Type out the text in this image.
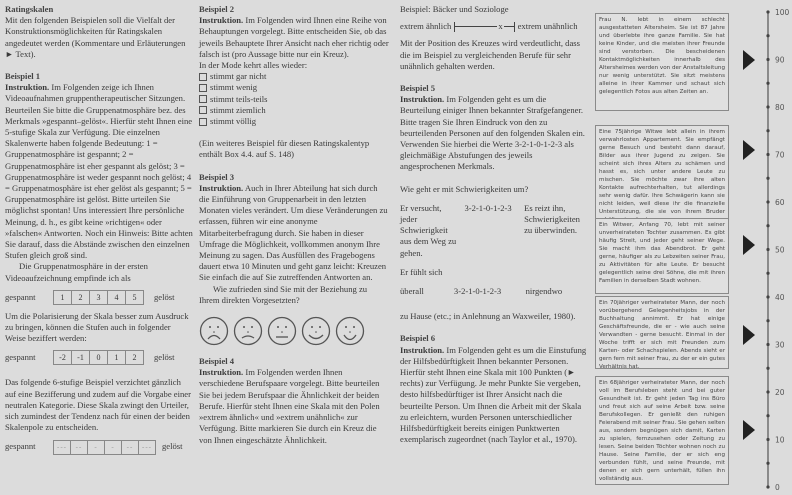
Ratingskalen

Mit den folgenden Beispielen soll die Vielfalt der Konstruktionsmöglichkeiten für Ratingskalen angedeutet werden (Kommentare und Erläuterungen ► Text).

Beispiel 1

Instruktion. Im Folgenden zeige ich Ihnen Videoaufnahmen gruppentherapeutischer Sitzungen. Beurteilen Sie bitte die Gruppenatmosphäre bez. des Merkmals »gespannt–gelöst«. Hierfür steht Ihnen eine 5-stufige Skala zur Verfügung. Die einzelnen Skalenwerte haben folgende Bedeutung: 1 = Gruppenatmosphäre ist gespannt; 2 = Gruppenatmosphäre ist eher gespannt als gelöst; 3 = Gruppenatmosphäre ist weder gespannt noch gelöst; 4 = Gruppenatmosphäre ist eher gelöst als gespannt; 5 = Gruppenatmosphäre ist gelöst. Bitte urteilen Sie möglichst spontan! Uns interessiert Ihre persönliche Meinung, d. h., es gibt keine »richtigen« oder »falschen« Antworten. Noch ein Hinweis: Bitte achten Sie darauf, dass die Abstände zwischen den einzelnen Stufen gleich groß sind.

Die Gruppenatmosphäre in der ersten Videoaufzeichnung empfinde ich als

gespannt	1	2	3	4	5	gelöst

Um die Polarisierung der Skala besser zum Ausdruck zu bringen, können die Stufen auch in folgender Weise beziffert werden:

gespannt	-2	-1	0	1	2	gelöst

Das folgende 6-stufige Beispiel verzichtet gänzlich auf eine Bezifferung und zudem auf die Vorgabe einer neutralen Kategorie. Diese Skala zwingt den Urteiler, sich zumindest der Tendenz nach für einen der beiden Skalenpole zu entscheiden.

gespannt	---	--	-	-	--	---	gelöst

Beispiel 2

Instruktion. Im Folgenden wird Ihnen eine Reihe von Behauptungen vorgelegt. Bitte entscheiden Sie, ob das jeweils Behauptete Ihrer Ansicht nach eher richtig oder falsch ist (pro Aussage bitte nur ein Kreuz).

In der Mode kehrt alles wieder:

stimmt gar nicht
stimmt wenig
stimmt teils-teils
stimmt ziemlich
stimmt völlig

(Ein weiteres Beispiel für diesen Ratingskalentyp enthält Box 4.4. auf S. 148)

Beispiel 3

Instruktion. Auch in Ihrer Abteilung hat sich durch die Einführung von Gruppenarbeit in den letzten Monaten vieles verändert. Um diese Veränderungen zu erfassen, führen wir eine anonyme Mitarbeiterbefragung durch. Sie haben in dieser Umfrage die Möglichkeit, vollkommen anonym Ihre Meinung zu sagen. Das Ausfüllen des Fragebogens dauert etwa 10 Minuten und geht ganz leicht: Kreuzen Sie einfach die auf Sie zutreffenden Antworten an.

Wie zufrieden sind Sie mit der Beziehung zu Ihrem direkten Vorgesetzten?

Beispiel 4

Instruktion. Im Folgenden werden Ihnen verschiedene Berufspaare vorgelegt. Bitte beurteilen Sie bei jedem Berufspaar die Ähnlichkeit der beiden Berufe. Hierfür steht Ihnen eine Skala mit den Polen »extrem ähnlich« und »extrem unähnlich« zur Verfügung. Bitte markieren Sie durch ein Kreuz die von Ihnen eingeschätzte Ähnlichkeit.

Beispiel: Bäcker und Soziologe

extrem ähnlich	x extrem unähnlich

Mit der Position des Kreuzes wird verdeutlicht, dass die im Beispiel zu vergleichenden Berufe für sehr unähnlich gehalten werden.

Beispiel 5

Instruktion. Im Folgenden geht es um die Beurteilung einiger Ihnen bekannter Strafgefangener. Bitte tragen Sie Ihren Eindruck von den zu beurteilenden Personen auf den folgenden Skalen ein. Verwenden Sie hierbei die Werte 3-2-1-0-1-2-3 als gleichmäßige Abstufungen des jeweils angesprochenen Merkmals.

Wie geht er mit Schwierigkeiten um?

Er versucht, jeder Schwierigkeit aus dem Weg zu gehen.
3-2-1-0-1-2-3	Es reizt ihn, Schwierigkeiten zu überwinden.

Er fühlt sich

überall	3-2-1-0-1-2-3	nirgendwo

zu Hause (etc.; in Anlehnung an Waxweiler, 1980).

Beispiel 6

Instruktion. Im Folgenden geht es um die Einstufung der Hilfsbedürftigkeit Ihnen bekannter Personen. Hierfür steht Ihnen eine Skala mit 100 Punkten (► rechts) zur Verfügung. Je mehr Punkte Sie vergeben, desto hilfsbedürftiger ist Ihrer Ansicht nach die beurteilte Person. Um Ihnen die Arbeit mit der Skala zu erleichtern, wurden Personen unterschiedlicher Hilfsbedürftigkeit bereits einigen Punktwerten exemplarisch zugeordnet (nach Taylor et al., 1970).

Frau N. lebt in einem schlecht ausgestatteten Altersheim. Sie ist 87 Jahre und überlebte ihre ganze Familie. Sie hat keine Kinder, und die meisten ihrer Freunde sind verstorben. Die bescheidenen Kontaktmöglichkeiten innerhalb des Altersheimes werden von der Anstaltsleitung nur wenig unterstützt. Sie sitzt meistens alleine in ihrer Kammer und schaut sich gelegentlich Fotos aus alten Zeiten an.
Eine 75jährige Witwe lebt allein in ihrem verwahrlosten Appartement. Sie empfängt gerne Besuch und besteht dann darauf, Bilder aus ihrer Jugend zu zeigen. Sie scheint sich ihres Alters zu schämen und hasst es, sich unter andere Leute zu mischen. Sie möchte zwar ihre alten Kontakte aufrechterhalten, tut allerdings sehr wenig dafür. Ihre Schwägerin kann sie nicht leiden, weil diese ihr die finanzielle Unterstützung, die sie von ihrem Bruder
Ein Witwer, Anfang 70, lebt mit seiner unverheirateten Tochter zusammen. Es gibt häufig Streit, und jeder geht seiner Wege. Sie macht ihm das Abendbrot. Er geht gerne, häufiger als zu Lebzeiten seiner Frau, zu Aktivitäten für alte Leute. Er besucht gelegentlich seine drei Söhne, die mit ihren Familien in derselben Stadt wohnen.
Ein 70jähriger verheirateter Mann, der noch vorübergehend Gelegenheitsjobs in der Buchhaltung annimmt. Er hat einige Geschäftsfreunde, die er - wie auch seine Verwandten - gerne besucht. Einmal in der Woche trifft er sich mit Freunden zum Karten- oder Schachspielen. Abends sieht er gern fern mit seiner Frau, zu der er ein gutes Verhältnis hat.
Ein 68jähriger verheirateter Mann, der noch voll im Berufsleben steht und bei guter Gesundheit ist. Er geht jeden Tag ins Büro und freut sich auf seine Arbeit bzw. seine Berufskollegen. Er genießt den ruhigen Feierabend mit seiner Frau. Sie gehen selten aus, sondern begnügen sich damit, Karten zu spielen, fernzusehen oder Zeitung zu lesen. Seine beiden Töchter wohnen noch zu Hause. Seine Familie, der er sich eng verbunden fühlt, und seine Freunde, mit denen er sich gern unterhält, füllen ihn vollständig aus.
100
90
80
70
60
50
40
30
20
10
0
